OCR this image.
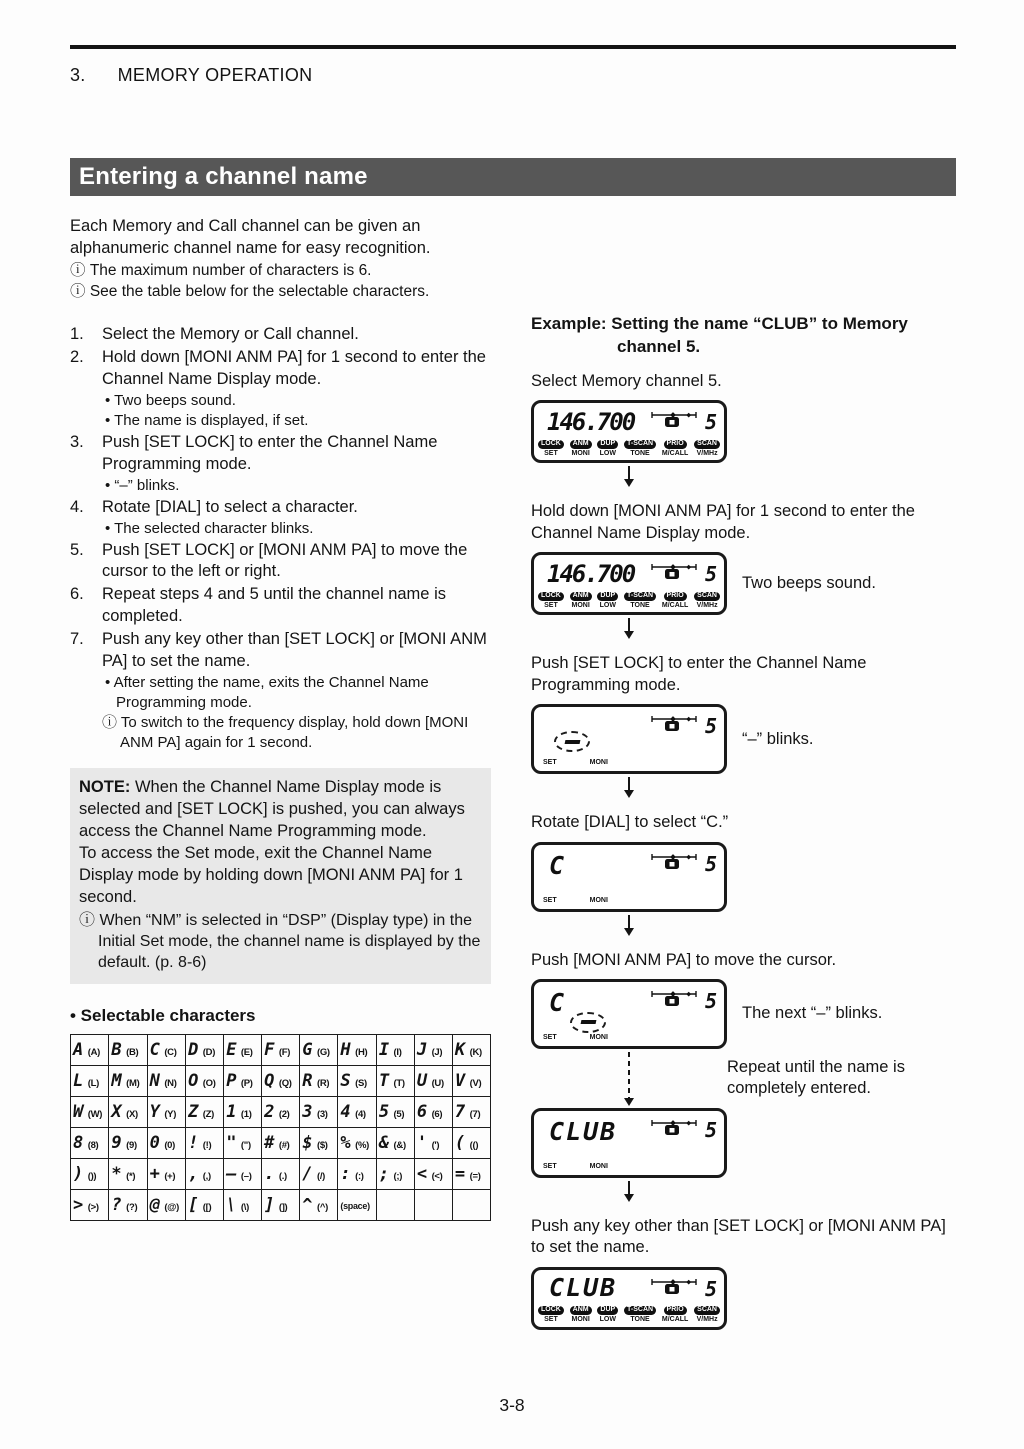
3. MEMORY OPERATION
Entering a channel name
Each Memory and Call channel can be given an alphanumeric channel name for easy recognition.
ⓘ The maximum number of characters is 6.
ⓘ See the table below for the selectable characters.
1.	Select the Memory or Call channel.
2.	Hold down [MONI ANM PA] for 1 second to enter the Channel Name Display mode.
• Two beeps sound.
• The name is displayed, if set.
3.	Push [SET LOCK] to enter the Channel Name Programming mode.
• “–” blinks.
4.	Rotate [DIAL] to select a character.
• The selected character blinks.
5.	Push [SET LOCK] or [MONI ANM PA] to move the cursor to the left or right.
6.	Repeat steps 4 and 5 until the channel name is completed.
7.	Push any key other than [SET LOCK] or [MONI ANM PA] to set the name.
• After setting the name, exits the Channel Name Programming mode.
ⓘ To switch to the frequency display, hold down [MONI ANM PA] again for 1 second.
NOTE: When the Channel Name Display mode is selected and [SET LOCK] is pushed, you can always access the Channel Name Programming mode.
To access the Set mode, exit the Channel Name Display mode by holding down [MONI ANM PA] for 1 second.
ⓘ When “NM” is selected in “DSP” (Display type) in the Initial Set mode, the channel name is displayed by the default. (p. 8-6)
• Selectable characters
A (A)	B (B)	C (C)	D (D)	E (E)	F (F)	G (G)	H (H)	I (I)	J (J)	K (K)
L (L)	M (M)	N (N)	O (O)	P (P)	Q (Q)	R (R)	S (S)	T (T)	U (U)	V (V)
W (W)	X (X)	Y (Y)	Z (Z)	1 (1)	2 (2)	3 (3)	4 (4)	5 (5)	6 (6)	7 (7)
8 (8)	9 (9)	0 (0)	! (!)	" (")	# (#)	$ ($)	% (%)	& (&)	' (')	( (()
) ())	* (*)	+ (+)	, (,)	– (–)	. (.)	/ (/)	: (:)	; (;)	< (<)	= (=)
> (>)	? (?)	@ (@)	[ ([)	\ (\)	] (])	^ (^)	(space)			
Example: Setting the name “CLUB” to Memory
channel 5.
Select Memory channel 5.
146.700	5
LOCK
SET
ANM
MONI
DUP
LOW
T-SCAN
TONE
PRIO
M/CALL
SCAN
V/MHz
Hold down [MONI ANM PA] for 1 second to enter the Channel Name Display mode.
146.700	5
LOCK
SET
ANM
MONI
DUP
LOW
T-SCAN
TONE
PRIO
M/CALL
SCAN
V/MHz
Two beeps sound.
Push [SET LOCK] to enter the Channel Name Programming mode.
5
SET	MONI
“–” blinks.
Rotate [DIAL] to select “C.”
C	5
SET	MONI
Push [MONI ANM PA] to move the cursor.
C	5
SET	MONI
The next “–” blinks.
Repeat until the name is completely entered.
CLUB	5
SET	MONI
Push any key other than [SET LOCK] or [MONI ANM PA] to set the name.
CLUB	5
LOCK
SET
ANM
MONI
DUP
LOW
T-SCAN
TONE
PRIO
M/CALL
SCAN
V/MHz
3-8
